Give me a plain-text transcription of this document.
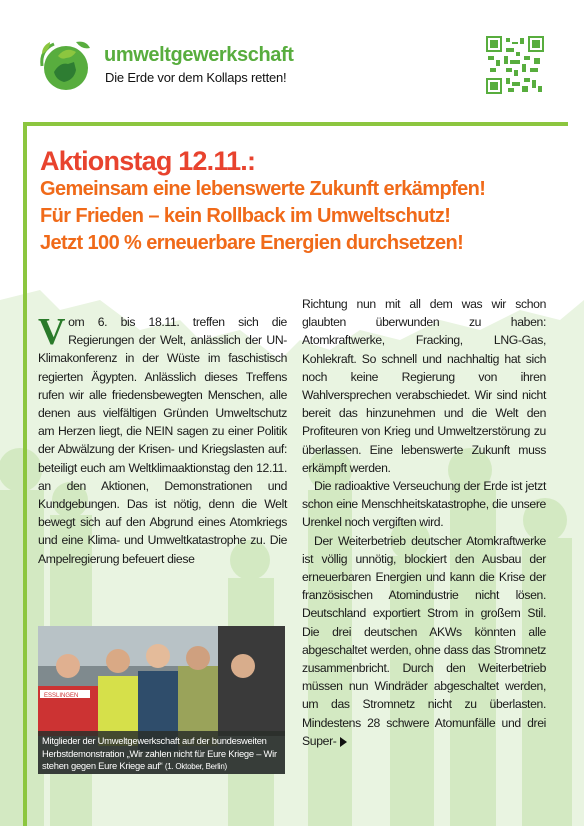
umweltgewerkschaft
Die Erde vor dem Kollaps retten!
Aktionstag 12.11.:
Gemeinsam eine lebenswerte Zukunft erkämpfen!
Für Frieden – kein Rollback im Umweltschutz!
Jetzt 100 % erneuerbare Energien durchsetzen!

Vom 6. bis 18.11. treffen sich die Regierungen der Welt, anlässlich der UN-Klimakonferenz in der Wüste im faschistisch regierten Ägypten. Anlässlich dieses Treffens rufen wir alle friedensbewegten Menschen, alle denen aus vielfältigen Gründen Umweltschutz am Herzen liegt, die NEIN sagen zu einer Politik der Abwälzung der Krisen- und Kriegslasten auf: beteiligt euch am Weltklimaaktionstag den 12.11. an den Aktionen, Demonstrationen und Kundgebungen. Das ist nötig, denn die Welt bewegt sich auf den Abgrund eines Atomkriegs und eine Klima- und Umweltkatastrophe zu. Die Ampelregierung befeuert diese

ESSLINGEN
Mitglieder der Umweltgewerkschaft auf der bundesweiten Herbstdemonstration „Wir zahlen nicht für Eure Kriege – Wir stehen gegen Eure Kriege auf“ (1. Oktober, Berlin)

Richtung nun mit all dem was wir schon glaubten überwunden zu haben: Atomkraftwerke, Fracking, LNG-Gas, Kohlekraft. So schnell und nachhaltig hat sich noch keine Regierung von ihren Wahlversprechen verabschiedet. Wir sind nicht bereit das hinzunehmen und die Welt den Profiteuren von Krieg und Umweltzerstörung zu überlassen. Eine lebenswerte Zukunft muss erkämpft werden.

Die radioaktive Verseuchung der Erde ist jetzt schon eine Menschheitskatastrophe, die unsere Urenkel noch vergiften wird.

Der Weiterbetrieb deutscher Atomkraftwerke ist völlig unnötig, blockiert den Ausbau der erneuerbaren Energien und kann die Krise der französischen Atomindustrie nicht lösen. Deutschland exportiert Strom in großem Stil. Die drei deutschen AKWs könnten alle abgeschaltet werden, ohne dass das Stromnetz zusammenbricht. Durch den Weiterbetrieb müssen nun Windräder abgeschaltet werden, um das Stromnetz nicht zu überlasten. Mindestens 28 schwere Atomunfälle und drei Super-
